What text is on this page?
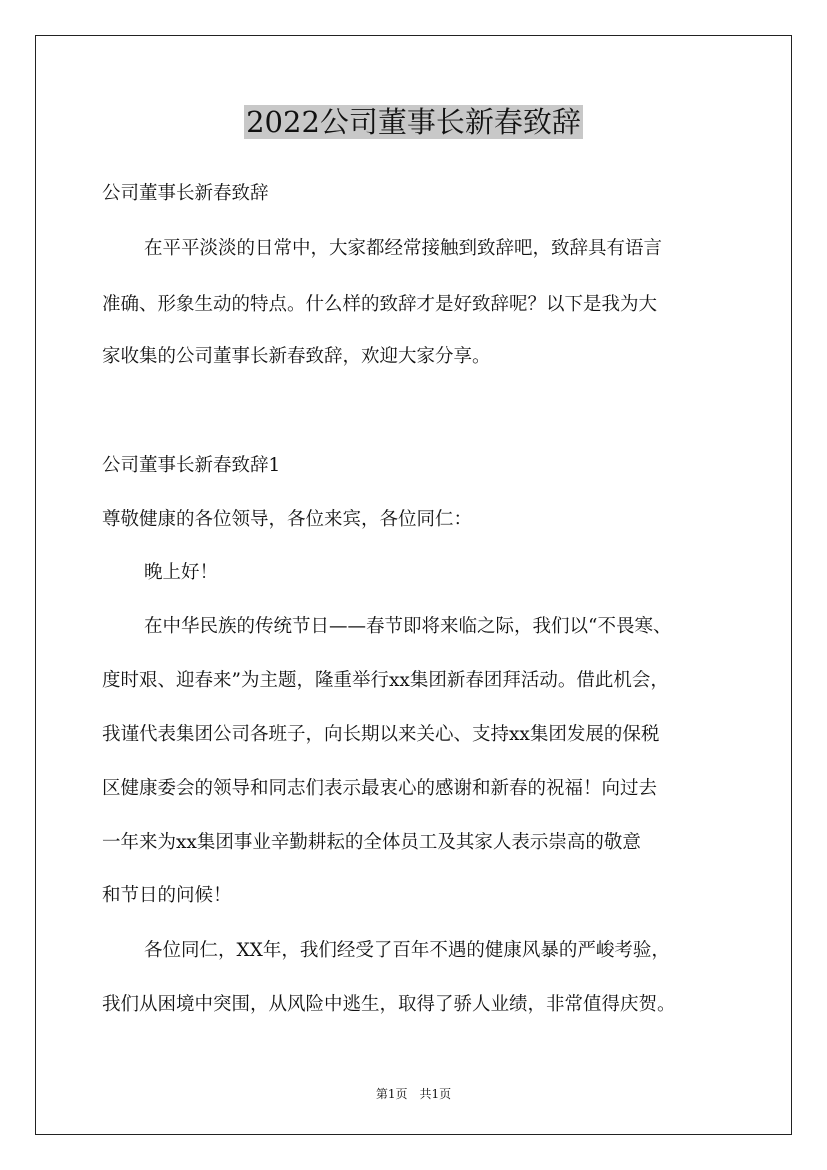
2022公司董事长新春致辞

公司董事长新春致辞

在平平淡淡的日常中，大家都经常接触到致辞吧，致辞具有语言

准确、形象生动的特点。什么样的致辞才是好致辞呢？以下是我为大

家收集的公司董事长新春致辞，欢迎大家分享。

公司董事长新春致辞1

尊敬健康的各位领导，各位来宾，各位同仁：

晚上好！

在中华民族的传统节日——春节即将来临之际，我们以“不畏寒、

度时艰、迎春来”为主题，隆重举行xx集团新春团拜活动。借此机会，

我谨代表集团公司各班子，向长期以来关心、支持xx集团发展的保税

区健康委会的领导和同志们表示最衷心的感谢和新春的祝福！向过去

一年来为xx集团事业辛勤耕耘的全体员工及其家人表示崇高的敬意

和节日的问候！

各位同仁，XX年，我们经受了百年不遇的健康风暴的严峻考验，

我们从困境中突围，从风险中逃生，取得了骄人业绩，非常值得庆贺。

第1页　共1页
